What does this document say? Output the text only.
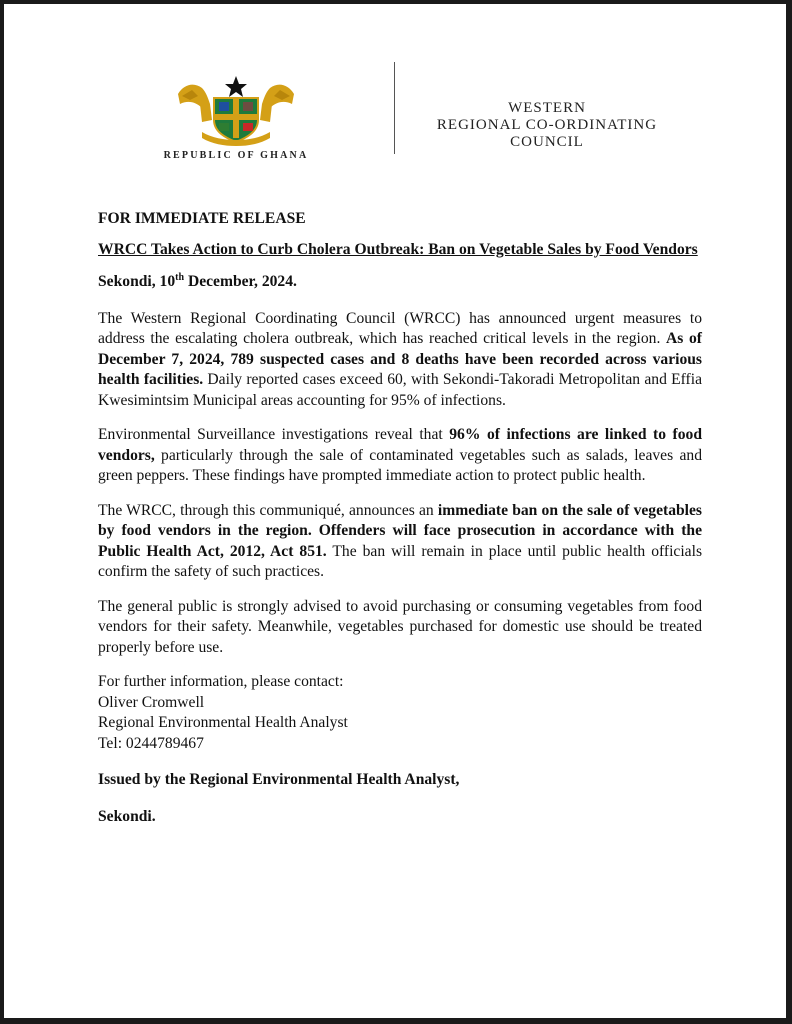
REPUBLIC OF GHANA
WESTERN
REGIONAL CO-ORDINATING
COUNCIL
FOR IMMEDIATE RELEASE
WRCC Takes Action to Curb Cholera Outbreak: Ban on Vegetable Sales by Food Vendors
Sekondi, 10th December, 2024.

The Western Regional Coordinating Council (WRCC) has announced urgent measures to address the escalating cholera outbreak, which has reached critical levels in the region. As of December 7, 2024, 789 suspected cases and 8 deaths have been recorded across various health facilities. Daily reported cases exceed 60, with Sekondi-Takoradi Metropolitan and Effia Kwesimintsim Municipal areas accounting for 95% of infections.

Environmental Surveillance investigations reveal that 96% of infections are linked to food vendors, particularly through the sale of contaminated vegetables such as salads, leaves and green peppers. These findings have prompted immediate action to protect public health.

The WRCC, through this communiqué, announces an immediate ban on the sale of vegetables by food vendors in the region. Offenders will face prosecution in accordance with the Public Health Act, 2012, Act 851. The ban will remain in place until public health officials confirm the safety of such practices.

The general public is strongly advised to avoid purchasing or consuming vegetables from food vendors for their safety. Meanwhile, vegetables purchased for domestic use should be treated properly before use.

For further information, please contact:
Oliver Cromwell
Regional Environmental Health Analyst
Tel: 0244789467
Issued by the Regional Environmental Health Analyst,
Sekondi.
